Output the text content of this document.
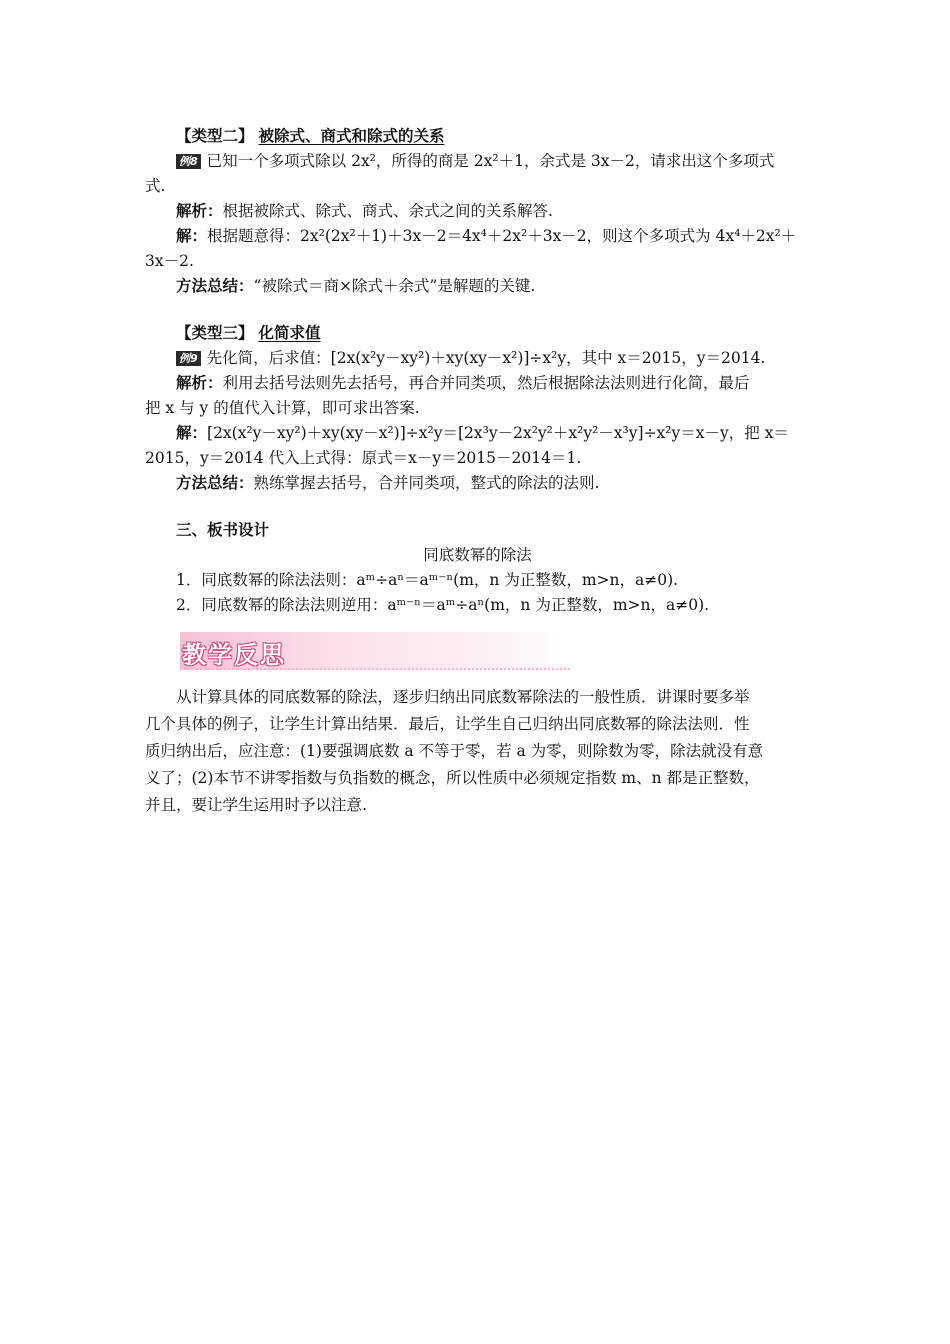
【类型二】 被除式、商式和除式的关系
例8 已知一个多项式除以 2x²，所得的商是 2x²＋1，余式是 3x－2，请求出这个多项式
式.
解析：根据被除式、除式、商式、余式之间的关系解答.
解：根据题意得：2x²(2x²＋1)＋3x－2＝4x⁴＋2x²＋3x－2，则这个多项式为 4x⁴＋2x²＋
3x－2.
方法总结：“被除式＝商×除式＋余式”是解题的关键.
【类型三】 化简求值
例9 先化简，后求值：[2x(x²y－xy²)＋xy(xy－x²)]÷x²y，其中 x＝2015，y＝2014.
解析：利用去括号法则先去括号，再合并同类项，然后根据除法法则进行化简，最后
把 x 与 y 的值代入计算，即可求出答案.
解：[2x(x²y－xy²)＋xy(xy－x²)]÷x²y＝[2x³y－2x²y²＋x²y²－x³y]÷x²y＝x－y，把 x＝
2015，y＝2014 代入上式得：原式＝x－y＝2015－2014＝1.
方法总结：熟练掌握去括号，合并同类项，整式的除法的法则.
三、板书设计
同底数幂的除法
1．同底数幂的除法法则：aᵐ÷aⁿ＝aᵐ⁻ⁿ(m，n 为正整数，m>n，a≠0).
2．同底数幂的除法法则逆用：aᵐ⁻ⁿ＝aᵐ÷aⁿ(m，n 为正整数，m>n，a≠0).
教学反思
从计算具体的同底数幂的除法，逐步归纳出同底数幂除法的一般性质．讲课时要多举
几个具体的例子，让学生计算出结果．最后，让学生自己归纳出同底数幂的除法法则．性
质归纳出后，应注意：(1)要强调底数 a 不等于零，若 a 为零，则除数为零，除法就没有意
义了；(2)本节不讲零指数与负指数的概念，所以性质中必须规定指数 m、n 都是正整数，
并且，要让学生运用时予以注意.
